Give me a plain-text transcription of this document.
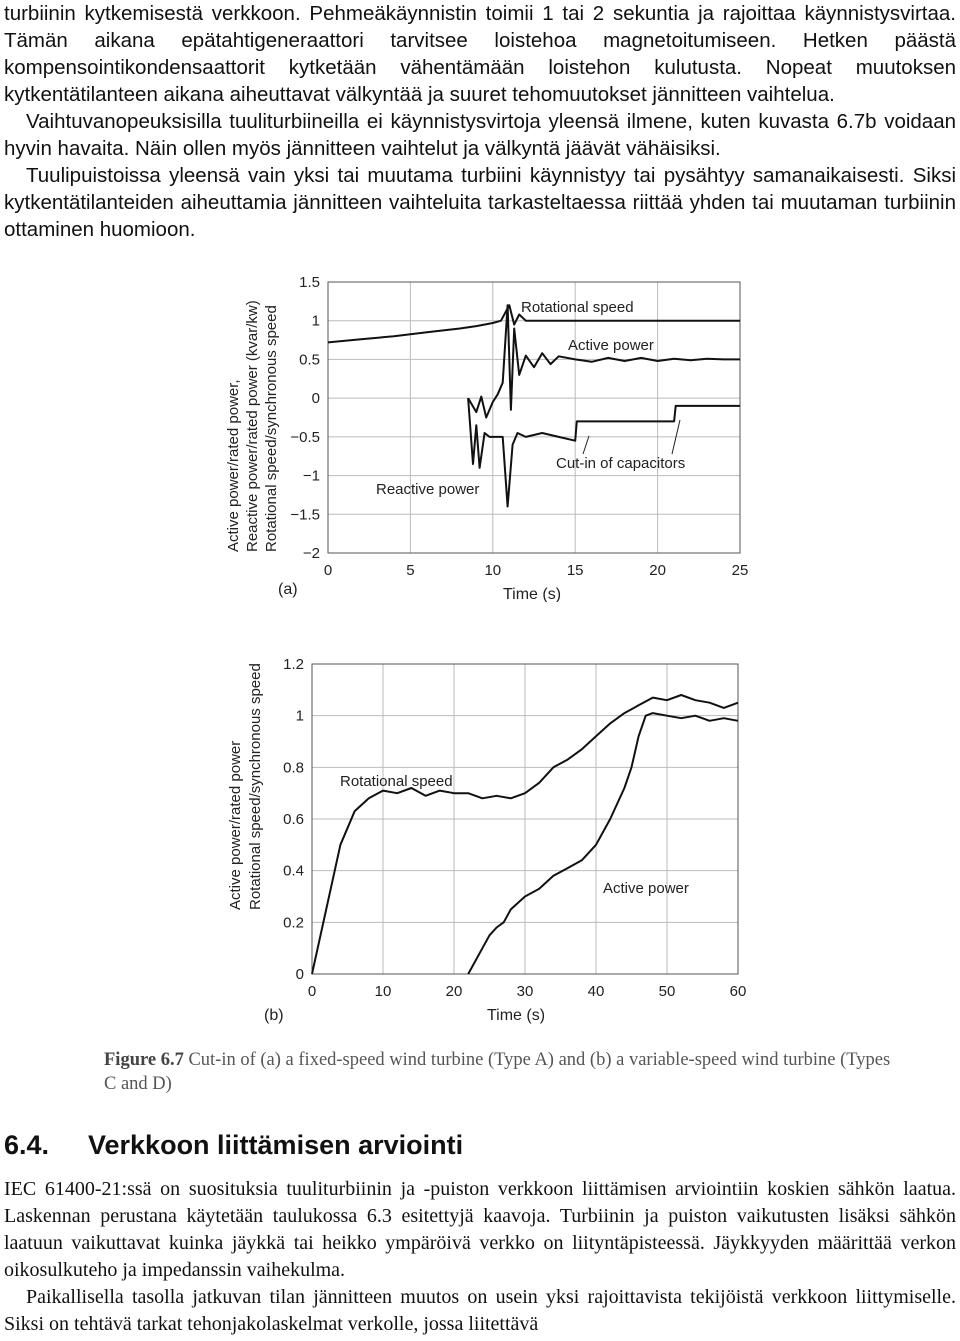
turbiinin kytkemisestä verkkoon. Pehmeäkäynnistin toimii 1 tai 2 sekuntia ja rajoittaa käynnistysvirtaa. Tämän aikana epätahtigeneraattori tarvitsee loistehoa magnetoitumiseen. Hetken päästä kompensointikondensaattorit kytketään vähentämään loistehon kulutusta. Nopeat muutoksen kytkentätilanteen aikana aiheuttavat välkyntää ja suuret tehomuutokset jännitteen vaihtelua.

Vaihtuvanopeuksisilla tuuliturbiineilla ei käynnistysvirtoja yleensä ilmene, kuten kuvasta 6.7b voidaan hyvin havaita. Näin ollen myös jännitteen vaihtelut ja välkyntä jäävät vähäisiksi.

Tuulipuistoissa yleensä vain yksi tai muutama turbiini käynnistyy tai pysähtyy samanaikaisesti. Siksi kytkentätilanteiden aiheuttamia jännitteen vaihteluita tarkasteltaessa riittää yhden tai muutaman turbiinin ottaminen huomioon.

Active power/rated power, Reactive power/rated power (kvar/kw) Rotational speed/synchronous speed
0	5	10	15	20	25
1.5
1
0.5
0
−0.5
−1
−1.5
−2
Time (s)
(a)
Rotational speed
Active power
Reactive power
Cut-in of capacitors
Active power/rated power Rotational speed/synchronous speed
0	10	20	30	40	50	60
1.2
1
0.8
0.6
0.4
0.2
0
Time (s)
(b)
Rotational speed
Active power
Figure 6.7 Cut-in of (a) a fixed-speed wind turbine (Type A) and (b) a variable-speed wind turbine (Types C and D)
6.4. Verkkoon liittämisen arviointi

IEC 61400-21:ssä on suosituksia tuuliturbiinin ja -puiston verkkoon liittämisen arviointiin koskien sähkön laatua. Laskennan perustana käytetään taulukossa 6.3 esitettyjä kaavoja. Turbiinin ja puiston vaikutusten lisäksi sähkön laatuun vaikuttavat kuinka jäykkä tai heikko ympäröivä verkko on liityntäpisteessä. Jäykkyyden määrittää verkon oikosulkuteho ja impedanssin vaihekulma.

Paikallisella tasolla jatkuvan tilan jännitteen muutos on usein yksi rajoittavista tekijöistä verkkoon liittymiselle. Siksi on tehtävä tarkat tehonjakolaskelmat verkolle, jossa liitettävä
